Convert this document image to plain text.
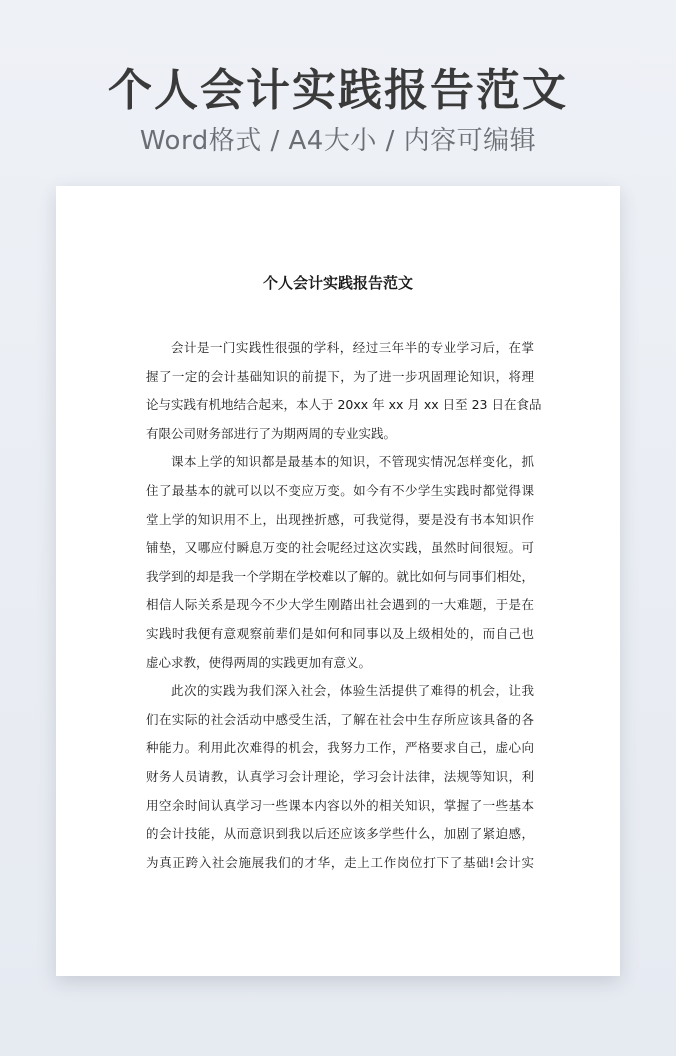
个人会计实践报告范文
Word格式 / A4大小 / 内容可编辑
个人会计实践报告范文

会计是一门实践性很强的学科，经过三年半的专业学习后，在掌
握了一定的会计基础知识的前提下，为了进一步巩固理论知识，将理
论与实践有机地结合起来，本人于 20xx 年 xx 月 xx 日至 23 日在食品
有限公司财务部进行了为期两周的专业实践。

课本上学的知识都是最基本的知识，不管现实情况怎样变化，抓
住了最基本的就可以以不变应万变。如今有不少学生实践时都觉得课
堂上学的知识用不上，出现挫折感，可我觉得，要是没有书本知识作
铺垫，又哪应付瞬息万变的社会呢经过这次实践，虽然时间很短。可
我学到的却是我一个学期在学校难以了解的。就比如何与同事们相处，
相信人际关系是现今不少大学生刚踏出社会遇到的一大难题，于是在
实践时我便有意观察前辈们是如何和同事以及上级相处的，而自己也
虚心求教，使得两周的实践更加有意义。

此次的实践为我们深入社会，体验生活提供了难得的机会，让我
们在实际的社会活动中感受生活，了解在社会中生存所应该具备的各
种能力。利用此次难得的机会，我努力工作，严格要求自己，虚心向
财务人员请教，认真学习会计理论，学习会计法律，法规等知识，利
用空余时间认真学习一些课本内容以外的相关知识，掌握了一些基本
的会计技能，从而意识到我以后还应该多学些什么，加剧了紧迫感，
为真正跨入社会施展我们的才华，走上工作岗位打下了基础!会计实
